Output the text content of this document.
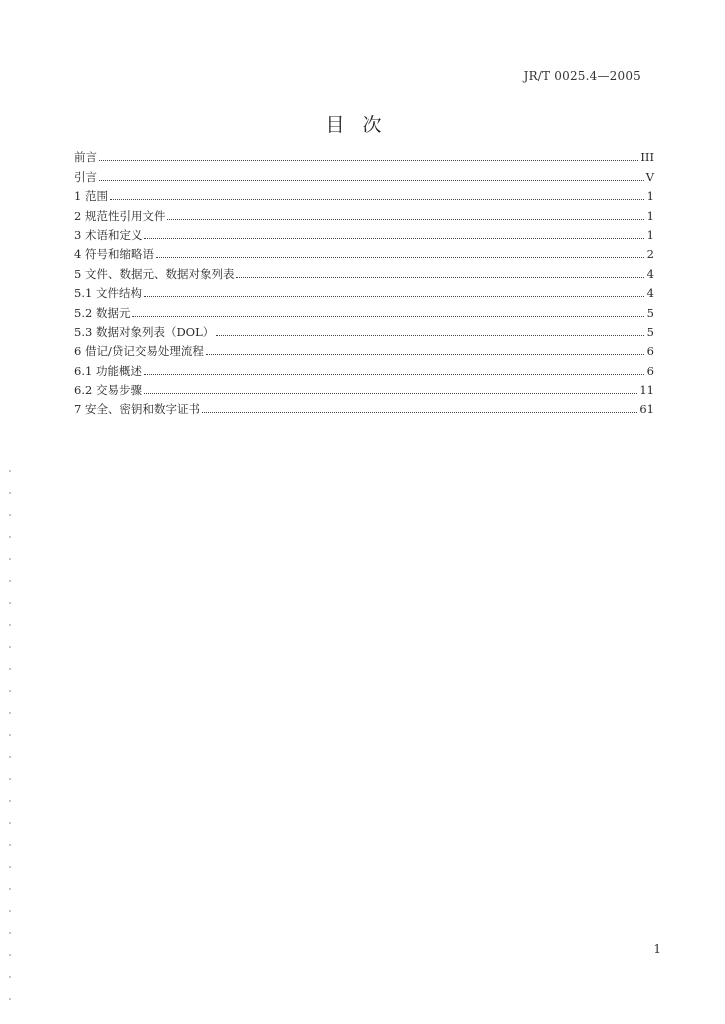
JR/T 0025.4—2005
目次
前言	III
引言	V
1 范围	1
2 规范性引用文件	1
3 术语和定义	1
4 符号和缩略语	2
5 文件、数据元、数据对象列表	4
5.1 文件结构	4
5.2 数据元	5
5.3 数据对象列表（DOL）	5
6 借记/贷记交易处理流程	6
6.1 功能概述	6
6.2 交易步骤	11
7 安全、密钥和数字证书	61
1
